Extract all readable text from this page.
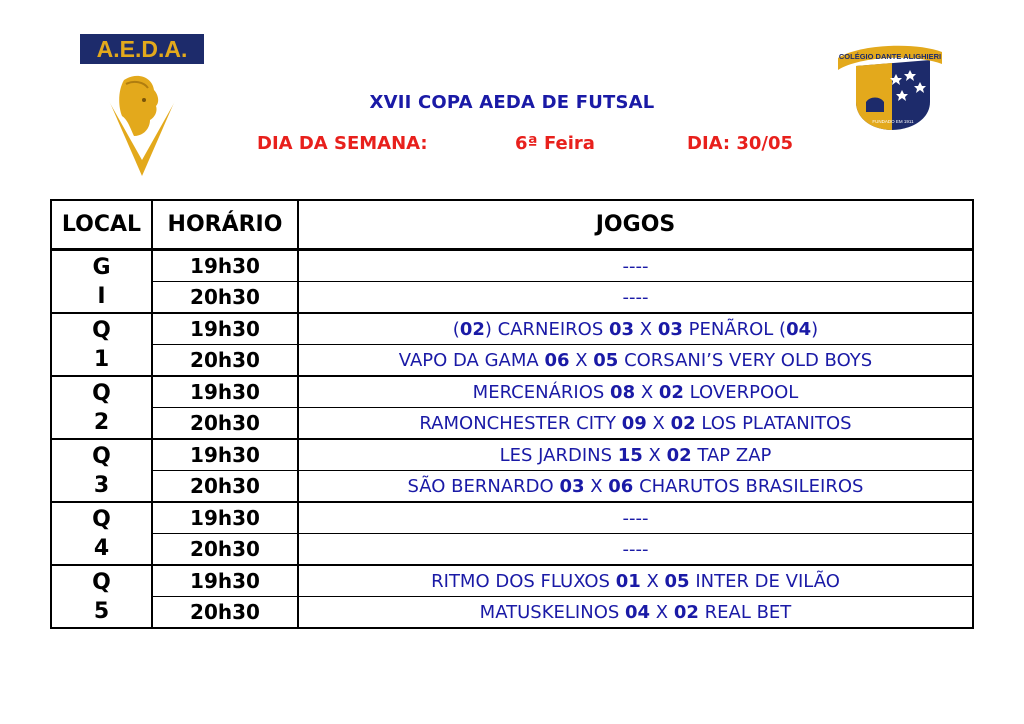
A.E.D.A.	COLÉGIO DANTE ALIGHIERI
FUNDADO EM 1911
XVII COPA AEDA DE FUTSAL
DIA DA SEMANA:	6ª Feira	DIA: 30/05
LOCAL	HORÁRIO	JOGOS

G
I	19h30	----
	20h30	----

Q
1	19h30	(02) CARNEIROS 03 X 03 PENÃROL (04)
	20h30	VAPO DA GAMA 06 X 05 CORSANI’S VERY OLD BOYS

Q
2	19h30	MERCENÁRIOS 08 X 02 LOVERPOOL
	20h30	RAMONCHESTER CITY 09 X 02 LOS PLATANITOS

Q
3	19h30	LES JARDINS 15 X 02 TAP ZAP
	20h30	SÃO BERNARDO 03 X 06 CHARUTOS BRASILEIROS

Q
4	19h30	----
	20h30	----

Q
5	19h30	RITMO DOS FLUXOS 01 X 05 INTER DE VILÃO
	20h30	MATUSKELINOS 04 X 02 REAL BET
